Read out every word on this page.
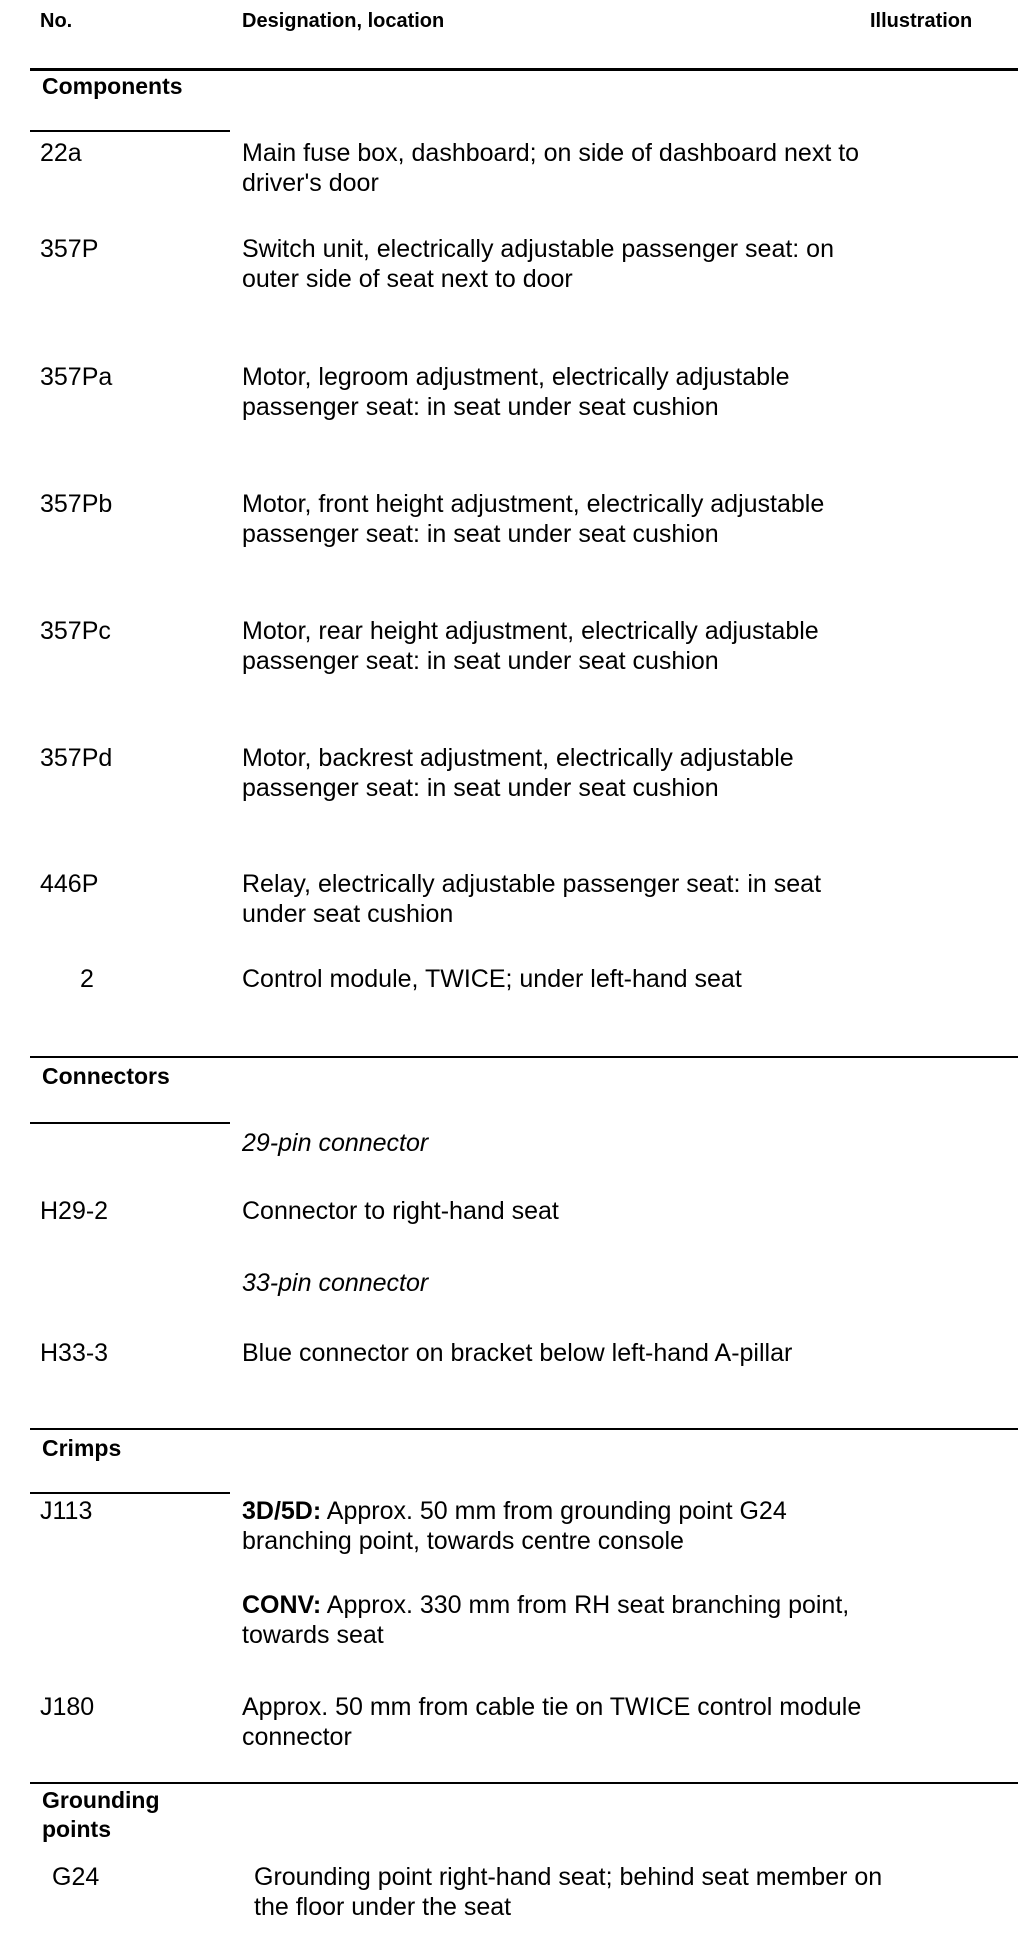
No.	Designation, location	Illustration
Components
22a	Main fuse box, dashboard; on side of dashboard next to driver's door
357P	Switch unit, electrically adjustable passenger seat: on outer side of seat next to door
357Pa	Motor, legroom adjustment, electrically adjustable passenger seat: in seat under seat cushion
357Pb	Motor, front height adjustment, electrically adjustable passenger seat: in seat under seat cushion
357Pc	Motor, rear height adjustment, electrically adjustable passenger seat: in seat under seat cushion
357Pd	Motor, backrest adjustment, electrically adjustable passenger seat: in seat under seat cushion
446P	Relay, electrically adjustable passenger seat: in seat under seat cushion
2	Control module, TWICE; under left-hand seat
Connectors
29-pin connector
H29-2	Connector to right-hand seat
33-pin connector
H33-3	Blue connector on bracket below left-hand A-pillar
Crimps
J113	3D/5D: Approx. 50 mm from grounding point G24 branching point, towards centre console
CONV: Approx. 330 mm from RH seat branching point, towards seat
J180	Approx. 50 mm from cable tie on TWICE control module connector
Grounding
points
G24	Grounding point right-hand seat; behind seat member on the floor under the seat
